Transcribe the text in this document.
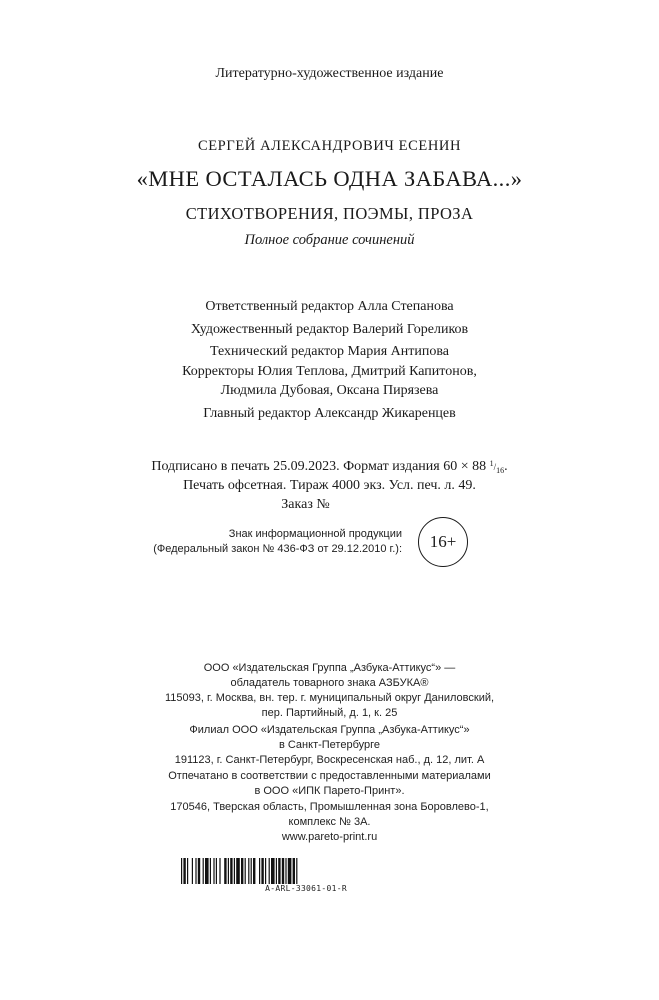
Литературно-художественное издание
СЕРГЕЙ АЛЕКСАНДРОВИЧ ЕСЕНИН
«МНЕ ОСТАЛАСЬ ОДНА ЗАБАВА...»
СТИХОТВОРЕНИЯ, ПОЭМЫ, ПРОЗА
Полное собрание сочинений
Ответственный редактор Алла Степанова
Художественный редактор Валерий Гореликов
Технический редактор Мария Антипова
Корректоры Юлия Теплова, Дмитрий Капитонов,
Людмила Дубовая, Оксана Пирязева
Главный редактор Александр Жикаренцев
Подписано в печать 25.09.2023. Формат издания 60 × 88 $^1/_{16}$.
Печать офсетная. Тираж 4000 экз. Усл. печ. л. 49.
Заказ №
Знак информационной продукции
(Федеральный закон № 436-ФЗ от 29.12.2010 г.): 16+
ООО «Издательская Группа „Азбука-Аттикус“» —
обладатель товарного знака АЗБУКА®
115093, г. Москва, вн. тер. г. муниципальный округ Даниловский,
пер. Партийный, д. 1, к. 25
Филиал ООО «Издательская Группа „Азбука-Аттикус“»
в Санкт-Петербурге
191123, г. Санкт-Петербург, Воскресенская наб., д. 12, лит. А
Отпечатано в соответствии с предоставленными материалами
в ООО «ИПК Парето-Принт».
170546, Тверская область, Промышленная зона Боровлево-1,
комплекс № 3А.
www.pareto-print.ru
A-ARL-33061-01-R
